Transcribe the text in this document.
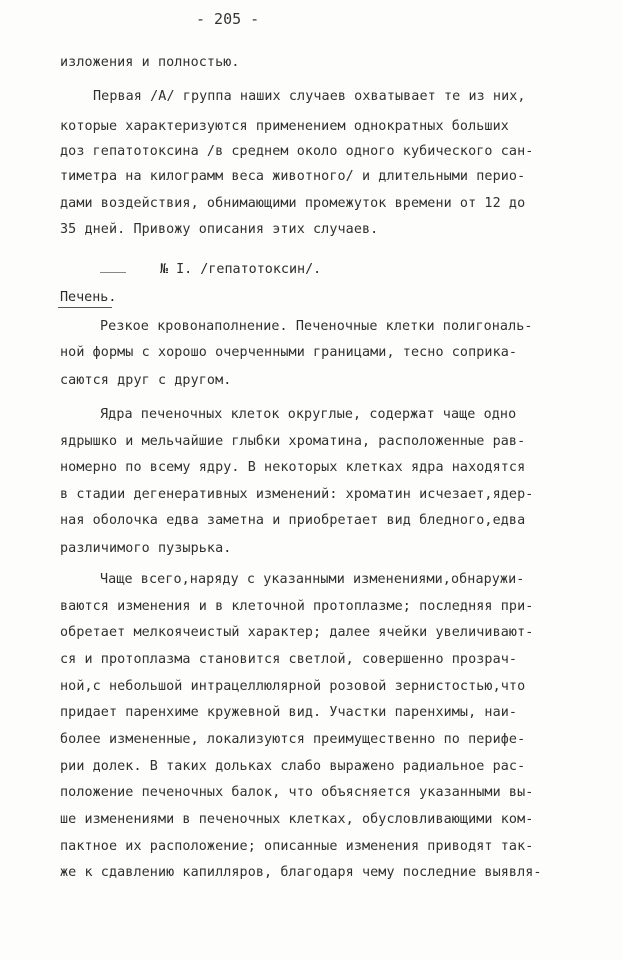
- 205 -
изложения и полностью.
Первая /А/ группа наших случаев охватывает те из них,
которые характеризуются применением однократных больших
доз гепатотоксина /в среднем около одного кубического сан-
тиметра на килограмм веса животного/ и длительными перио-
дами воздействия, обнимающими промежуток времени от 12 до
35 дней. Привожу описания этих случаев.
№ I. /гепатотоксин/.
Печень.
Резкое кровонаполнение. Печеночные клетки полигональ-
ной формы с хорошо очерченными границами, тесно соприка-
саются друг с другом.
Ядра печеночных клеток округлые, содержат чаще одно
ядрышко и мельчайшие глыбки хроматина, расположенные рав-
номерно по всему ядру. В некоторых клетках ядра находятся
в стадии дегенеративных изменений: хроматин исчезает,ядер-
ная оболочка едва заметна и приобретает вид бледного,едва
различимого пузырька.
Чаще всего,наряду с указанными изменениями,обнаружи-
ваются изменения и в клеточной протоплазме; последняя при-
обретает мелкоячеистый характер; далее ячейки увеличивают-
ся и протоплазма становится светлой, совершенно прозрач-
ной,с небольшой интрацеллюлярной розовой зернистостью,что
придает паренхиме кружевной вид. Участки паренхимы, наи-
более измененные, локализуются преимущественно по перифе-
рии долек. В таких дольках слабо выражено радиальное рас-
положение печеночных балок, что объясняется указанными вы-
ше изменениями в печеночных клетках, обусловливающими ком-
пактное их расположение; описанные изменения приводят так-
же к сдавлению капилляров, благодаря чему последние выявля-
